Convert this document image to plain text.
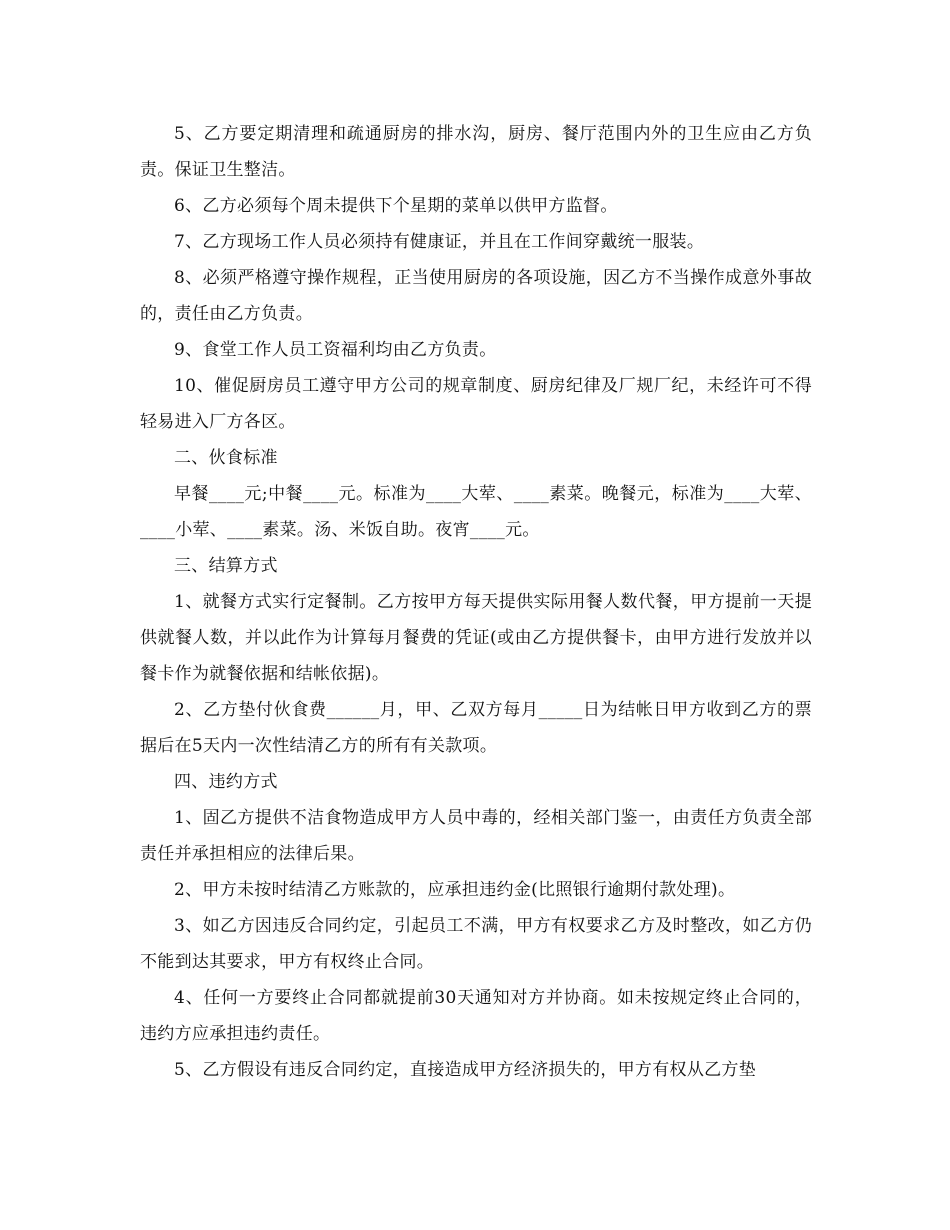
5、乙方要定期清理和疏通厨房的排水沟，厨房、餐厅范围内外的卫生应由乙方负责。保证卫生整洁。

6、乙方必须每个周未提供下个星期的菜单以供甲方监督。

7、乙方现场工作人员必须持有健康证，并且在工作间穿戴统一服装。

8、必须严格遵守操作规程，正当使用厨房的各项设施，因乙方不当操作成意外事故的，责任由乙方负责。

9、食堂工作人员工资福利均由乙方负责。

10、催促厨房员工遵守甲方公司的规章制度、厨房纪律及厂规厂纪，未经许可不得轻易进入厂方各区。

二、伙食标准

早餐____元;中餐____元。标准为____大荤、____素菜。晚餐元，标准为____大荤、____小荤、____素菜。汤、米饭自助。夜宵____元。

三、结算方式

1、就餐方式实行定餐制。乙方按甲方每天提供实际用餐人数代餐，甲方提前一天提供就餐人数，并以此作为计算每月餐费的凭证(或由乙方提供餐卡，由甲方进行发放并以餐卡作为就餐依据和结帐依据)。

2、乙方垫付伙食费______月，甲、乙双方每月_____日为结帐日甲方收到乙方的票据后在5天内一次性结清乙方的所有有关款项。

四、违约方式

1、固乙方提供不洁食物造成甲方人员中毒的，经相关部门鉴一，由责任方负责全部责任并承担相应的法律后果。

2、甲方未按时结清乙方账款的，应承担违约金(比照银行逾期付款处理)。

3、如乙方因违反合同约定，引起员工不满，甲方有权要求乙方及时整改，如乙方仍不能到达其要求，甲方有权终止合同。

4、任何一方要终止合同都就提前30天通知对方并协商。如未按规定终止合同的，违约方应承担违约责任。

5、乙方假设有违反合同约定，直接造成甲方经济损失的，甲方有权从乙方垫
